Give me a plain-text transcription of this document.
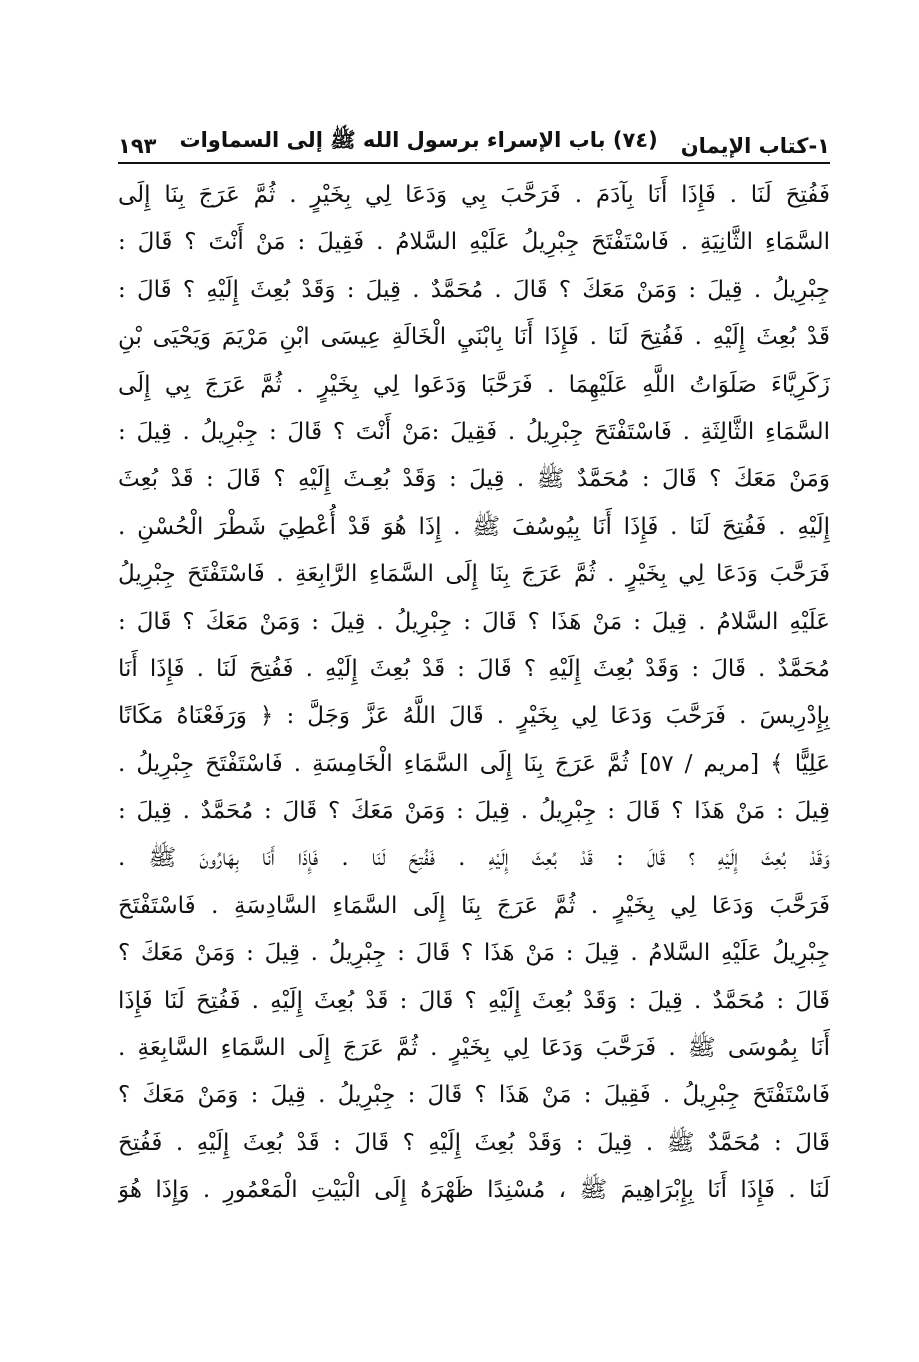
١-كتاب الإيمان
(٧٤) باب الإسراء برسول الله ﷺ إلى السماوات
١٩٣
فَفُتِحَ لَنَا . فَإِذَا أَنَا بِآدَمَ . فَرَحَّبَ بِي وَدَعَا لِي بِخَيْرٍ . ثُمَّ عَرَجَ بِنَا إِلَى
السَّمَاءِ الثَّانِيَةِ . فَاسْتَفْتَحَ جِبْرِيلُ عَلَيْهِ السَّلامُ . فَقِيلَ : مَنْ أَنْتَ ؟ قَالَ :
جِبْرِيلُ . قِيلَ : وَمَنْ مَعَكَ ؟ قَالَ . مُحَمَّدٌ . قِيلَ : وَقَدْ بُعِثَ إِلَيْهِ ؟ قَالَ :
قَدْ بُعِثَ إِلَيْهِ . فَفُتِحَ لَنَا . فَإِذَا أَنَا بِابْنَيِ الْخَالَةِ عِيسَى ابْنِ مَرْيَمَ وَيَحْيَى بْنِ
زَكَرِيَّاءَ صَلَوَاتُ اللَّهِ عَلَيْهِمَا . فَرَحَّبَا وَدَعَوا لِي بِخَيْرٍ . ثُمَّ عَرَجَ بِي إِلَى
السَّمَاءِ الثَّالِثَةِ . فَاسْتَفْتَحَ جِبْرِيلُ . فَقِيلَ :مَنْ أَنْتَ ؟ قَالَ : جِبْرِيلُ . قِيلَ :
وَمَنْ مَعَكَ ؟ قَالَ : مُحَمَّدٌ ﷺ . قِيلَ : وَقَدْ بُعِـثَ إِلَيْهِ ؟ قَالَ : قَدْ بُعِثَ
إِلَيْهِ . فَفُتِحَ لَنَا . فَإِذَا أَنَا بِيُوسُفَ ﷺ . إِذَا هُوَ قَدْ أُعْطِيَ شَطْرَ الْحُسْنِ .
فَرَحَّبَ وَدَعَا لِي بِخَيْرٍ . ثُمَّ عَرَجَ بِنَا إِلَى السَّمَاءِ الرَّابِعَةِ . فَاسْتَفْتَحَ جِبْرِيلُ
عَلَيْهِ السَّلامُ . قِيلَ : مَنْ هَذَا ؟ قَالَ : جِبْرِيلُ . قِيلَ : وَمَنْ مَعَكَ ؟ قَالَ :
مُحَمَّدٌ . قَالَ : وَقَدْ بُعِثَ إِلَيْهِ ؟ قَالَ : قَدْ بُعِثَ إِلَيْهِ . فَفُتِحَ لَنَا . فَإِذَا أَنَا
بِإِدْرِيسَ . فَرَحَّبَ وَدَعَا لِي بِخَيْرٍ . قَالَ اللَّهُ عَزَّ وَجَلَّ : ﴿ وَرَفَعْنَاهُ مَكَانًا
عَلِيًّا ﴾ [مريم / ٥٧] ثُمَّ عَرَجَ بِنَا إِلَى السَّمَاءِ الْخَامِسَةِ . فَاسْتَفْتَحَ جِبْرِيلُ .
قِيلَ : مَنْ هَذَا ؟ قَالَ : جِبْرِيلُ . قِيلَ : وَمَنْ مَعَكَ ؟ قَالَ : مُحَمَّدٌ . قِيلَ :
وَقَدْ بُعِثَ إِلَيْهِ ؟ قَالَ : قَدْ بُعِثَ إِلَيْهِ . فَفُتِحَ لَنَا . فَإِذَا أَنَا بِهَارُونَ ﷺ .
فَرَحَّبَ وَدَعَا لِي بِخَيْرٍ . ثُمَّ عَرَجَ بِنَا إِلَى السَّمَاءِ السَّادِسَةِ . فَاسْتَفْتَحَ
جِبْرِيلُ عَلَيْهِ السَّلامُ . قِيلَ : مَنْ هَذَا ؟ قَالَ : جِبْرِيلُ . قِيلَ : وَمَنْ مَعَكَ ؟
قَالَ : مُحَمَّدٌ . قِيلَ : وَقَدْ بُعِثَ إِلَيْهِ ؟ قَالَ : قَدْ بُعِثَ إِلَيْهِ . فَفُتِحَ لَنَا فَإِذَا
أَنَا بِمُوسَى ﷺ . فَرَحَّبَ وَدَعَا لِي بِخَيْرٍ . ثُمَّ عَرَجَ إِلَى السَّمَاءِ السَّابِعَةِ .
فَاسْتَفْتَحَ جِبْرِيلُ . فَقِيلَ : مَنْ هَذَا ؟ قَالَ : جِبْرِيلُ . قِيلَ : وَمَنْ مَعَكَ ؟
قَالَ : مُحَمَّدٌ ﷺ . قِيلَ : وَقَدْ بُعِثَ إِلَيْهِ ؟ قَالَ : قَدْ بُعِثَ إِلَيْهِ . فَفُتِحَ
لَنَا . فَإِذَا أَنَا بِإِبْرَاهِيمَ ﷺ ، مُسْنِدًا ظَهْرَهُ إِلَى الْبَيْتِ الْمَعْمُورِ . وَإِذَا هُوَ
